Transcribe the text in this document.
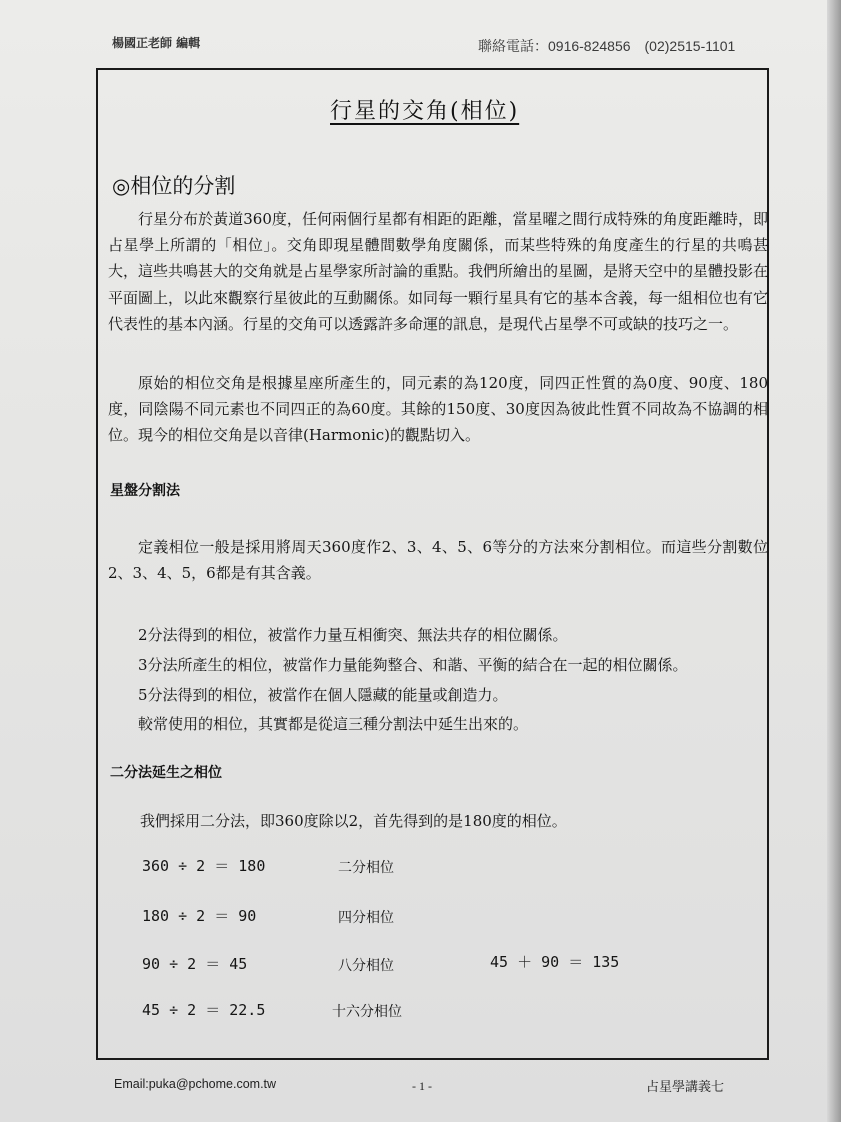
楊國正老師 編輯	聯絡電話：0916-824856　(02)2515-1101
行星的交角(相位)
◎相位的分割

行星分布於黃道360度，任何兩個行星都有相距的距離，當星曜之間行成特殊的角度距離時，即占星學上所謂的「相位」。交角即現星體間數學角度關係，而某些特殊的角度產生的行星的共鳴甚大，這些共鳴甚大的交角就是占星學家所討論的重點。我們所繪出的星圖，是將天空中的星體投影在平面圖上，以此來觀察行星彼此的互動關係。如同每一顆行星具有它的基本含義，每一組相位也有它代表性的基本內涵。行星的交角可以透露許多命運的訊息，是現代占星學不可或缺的技巧之一。

原始的相位交角是根據星座所產生的，同元素的為120度，同四正性質的為0度、90度、180度，同陰陽不同元素也不同四正的為60度。其餘的150度、30度因為彼此性質不同故為不協調的相位。現今的相位交角是以音律(Harmonic)的觀點切入。

星盤分割法

定義相位一般是採用將周天360度作2、3、4、5、6等分的方法來分割相位。而這些分割數位2、3、4、5，6都是有其含義。

2分法得到的相位，被當作力量互相衝突、無法共存的相位關係。
3分法所產生的相位，被當作力量能夠整合、和諧、平衡的結合在一起的相位關係。
5分法得到的相位，被當作在個人隱藏的能量或創造力。
較常使用的相位，其實都是從這三種分割法中延生出來的。
二分法延生之相位
我們採用二分法，即360度除以2，首先得到的是180度的相位。
360 ÷ 2 ＝ 180	二分相位
180 ÷ 2 ＝ 90	四分相位
90 ÷ 2 ＝ 45	八分相位	45 ＋ 90 ＝ 135
45 ÷ 2 ＝ 22.5	十六分相位
Email:puka@pchome.com.tw	- 1 -	占星學講義七
